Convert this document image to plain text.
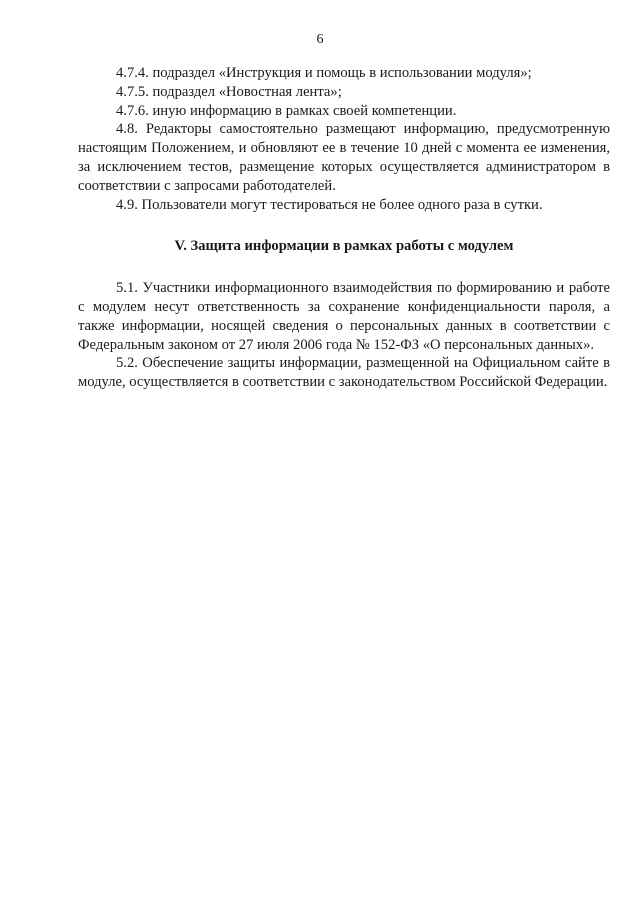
6

4.7.4. подраздел «Инструкция и помощь в использовании модуля»;

4.7.5. подраздел «Новостная лента»;

4.7.6. иную информацию в рамках своей компетенции.

4.8. Редакторы самостоятельно размещают информацию, предусмотренную настоящим Положением, и обновляют ее в течение 10 дней с момента ее изменения, за исключением тестов, размещение которых осуществляется администратором в соответствии с запросами работодателей.

4.9. Пользователи могут тестироваться не более одного раза в сутки.

V. Защита информации в рамках работы с модулем

5.1. Участники информационного взаимодействия по формированию и работе с модулем несут ответственность за сохранение конфиденциальности пароля, а также информации, носящей сведения о персональных данных в соответствии с Федеральным законом от 27 июля 2006 года № 152-ФЗ «О персональных данных».

5.2. Обеспечение защиты информации, размещенной на Официальном сайте в модуле, осуществляется в соответствии с законодательством Российской Федерации.
